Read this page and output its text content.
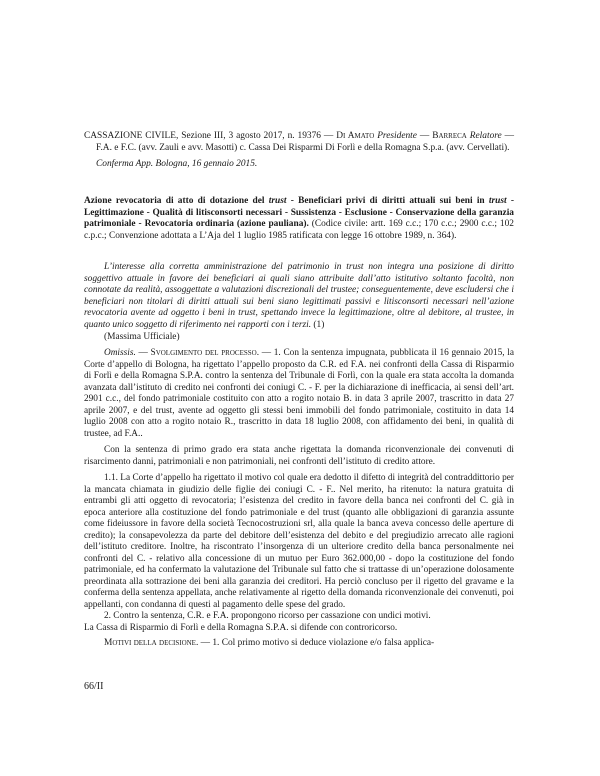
CASSAZIONE CIVILE, Sezione III, 3 agosto 2017, n. 19376 — Di Amato Presidente — Barreca Relatore — F.A. e F.C. (avv. Zauli e avv. Masotti) c. Cassa Dei Risparmi Di Forlì e della Romagna S.p.a. (avv. Cervellati).

Conferma App. Bologna, 16 gennaio 2015.

Azione revocatoria di atto di dotazione del trust - Beneficiari privi di diritti attuali sui beni in trust - Legittimazione - Qualità di litisconsorti necessari - Sussistenza - Esclusione - Conservazione della garanzia patrimoniale - Revocatoria ordinaria (azione pauliana). (Codice civile: artt. 169 c.c.; 170 c.c.; 2900 c.c.; 102 c.p.c.; Convenzione adottata a L’Aja del 1 luglio 1985 ratificata con legge 16 ottobre 1989, n. 364).

L’interesse alla corretta amministrazione del patrimonio in trust non integra una posizione di diritto soggettivo attuale in favore dei beneficiari ai quali siano attribuite dall’atto istitutivo soltanto facoltà, non connotate da realità, assoggettate a valutazioni discrezionali del trustee; conseguentemente, deve escludersi che i beneficiari non titolari di diritti attuali sui beni siano legittimati passivi e litisconsorti necessari nell’azione revocatoria avente ad oggetto i beni in trust, spettando invece la legittimazione, oltre al debitore, al trustee, in quanto unico soggetto di riferimento nei rapporti con i terzi. (1)

(Massima Ufficiale)

Omissis. — Svolgimento del processo. — 1. Con la sentenza impugnata, pubblicata il 16 gennaio 2015, la Corte d’appello di Bologna, ha rigettato l’appello proposto da C.R. ed F.A. nei confronti della Cassa di Risparmio di Forlì e della Romagna S.P.A. contro la sentenza del Tribunale di Forlì, con la quale era stata accolta la domanda avanzata dall’istituto di credito nei confronti dei coniugi C. - F. per la dichiarazione di inefficacia, ai sensi dell’art. 2901 c.c., del fondo patrimoniale costituito con atto a rogito notaio B. in data 3 aprile 2007, trascritto in data 27 aprile 2007, e del trust, avente ad oggetto gli stessi beni immobili del fondo patrimoniale, costituito in data 14 luglio 2008 con atto a rogito notaio R., trascritto in data 18 luglio 2008, con affidamento dei beni, in qualità di trustee, ad F.A..

Con la sentenza di primo grado era stata anche rigettata la domanda riconvenzionale dei convenuti di risarcimento danni, patrimoniali e non patrimoniali, nei confronti dell’istituto di credito attore.

1.1. La Corte d’appello ha rigettato il motivo col quale era dedotto il difetto di integrità del contraddittorio per la mancata chiamata in giudizio delle figlie dei coniugi C. - F.. Nel merito, ha ritenuto: la natura gratuita di entrambi gli atti oggetto di revocatoria; l’esistenza del credito in favore della banca nei confronti del C. già in epoca anteriore alla costituzione del fondo patrimoniale e del trust (quanto alle obbligazioni di garanzia assunte come fideiussore in favore della società Tecnocostruzioni srl, alla quale la banca aveva concesso delle aperture di credito); la consapevolezza da parte del debitore dell’esistenza del debito e del pregiudizio arrecato alle ragioni dell’istituto creditore. Inoltre, ha riscontrato l’insorgenza di un ulteriore credito della banca personalmente nei confronti del C. - relativo alla concessione di un mutuo per Euro 362.000,00 - dopo la costituzione del fondo patrimoniale, ed ha confermato la valutazione del Tribunale sul fatto che si trattasse di un’operazione dolosamente preordinata alla sottrazione dei beni alla garanzia dei creditori. Ha perciò concluso per il rigetto del gravame e la conferma della sentenza appellata, anche relativamente al rigetto della domanda riconvenzionale dei convenuti, poi appellanti, con condanna di questi al pagamento delle spese del grado.

2. Contro la sentenza, C.R. e F.A. propongono ricorso per cassazione con undici motivi.
La Cassa di Risparmio di Forlì e della Romagna S.P.A. si difende con controricorso.

Motivi della decisione. — 1. Col primo motivo si deduce violazione e/o falsa applica-

66/II
